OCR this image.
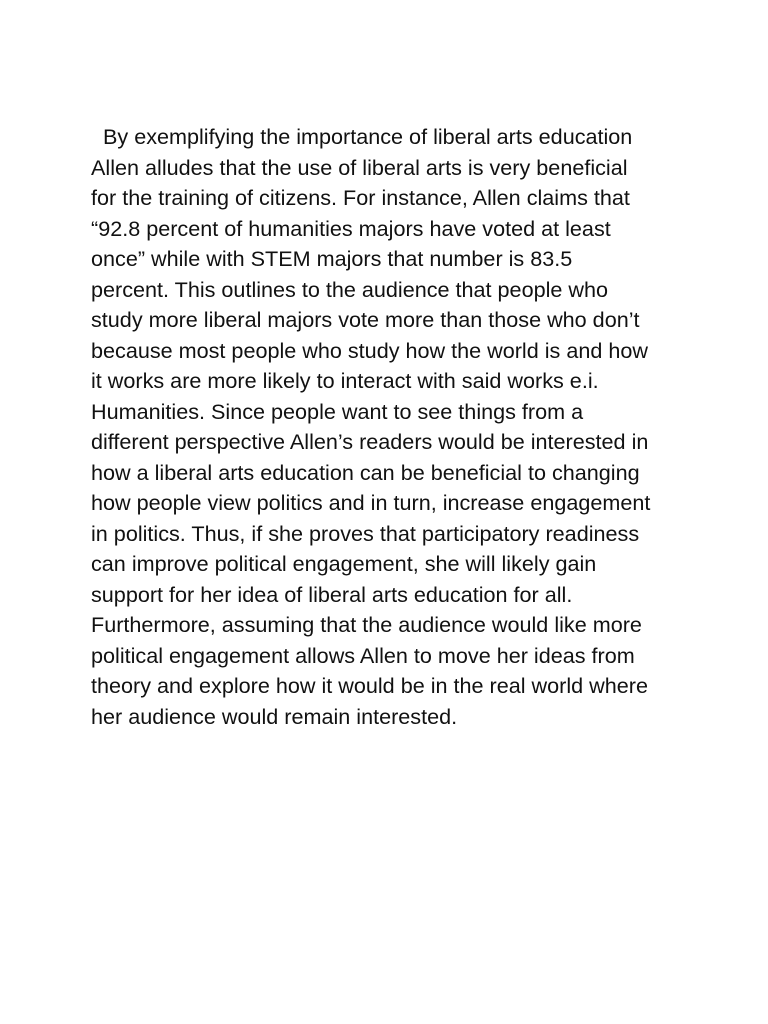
By exemplifying the importance of liberal arts education
Allen alludes that the use of liberal arts is very beneficial
for the training of citizens. For instance, Allen claims that
“92.8 percent of humanities majors have voted at least
once” while with STEM majors that number is 83.5
percent. This outlines to the audience that people who
study more liberal majors vote more than those who don’t
because most people who study how the world is and how
it works are more likely to interact with said works e.i.
Humanities. Since people want to see things from a
different perspective Allen’s readers would be interested in
how a liberal arts education can be beneficial to changing
how people view politics and in turn, increase engagement
in politics. Thus, if she proves that participatory readiness
can improve political engagement, she will likely gain
support for her idea of liberal arts education for all.
Furthermore, assuming that the audience would like more
political engagement allows Allen to move her ideas from
theory and explore how it would be in the real world where
her audience would remain interested.
